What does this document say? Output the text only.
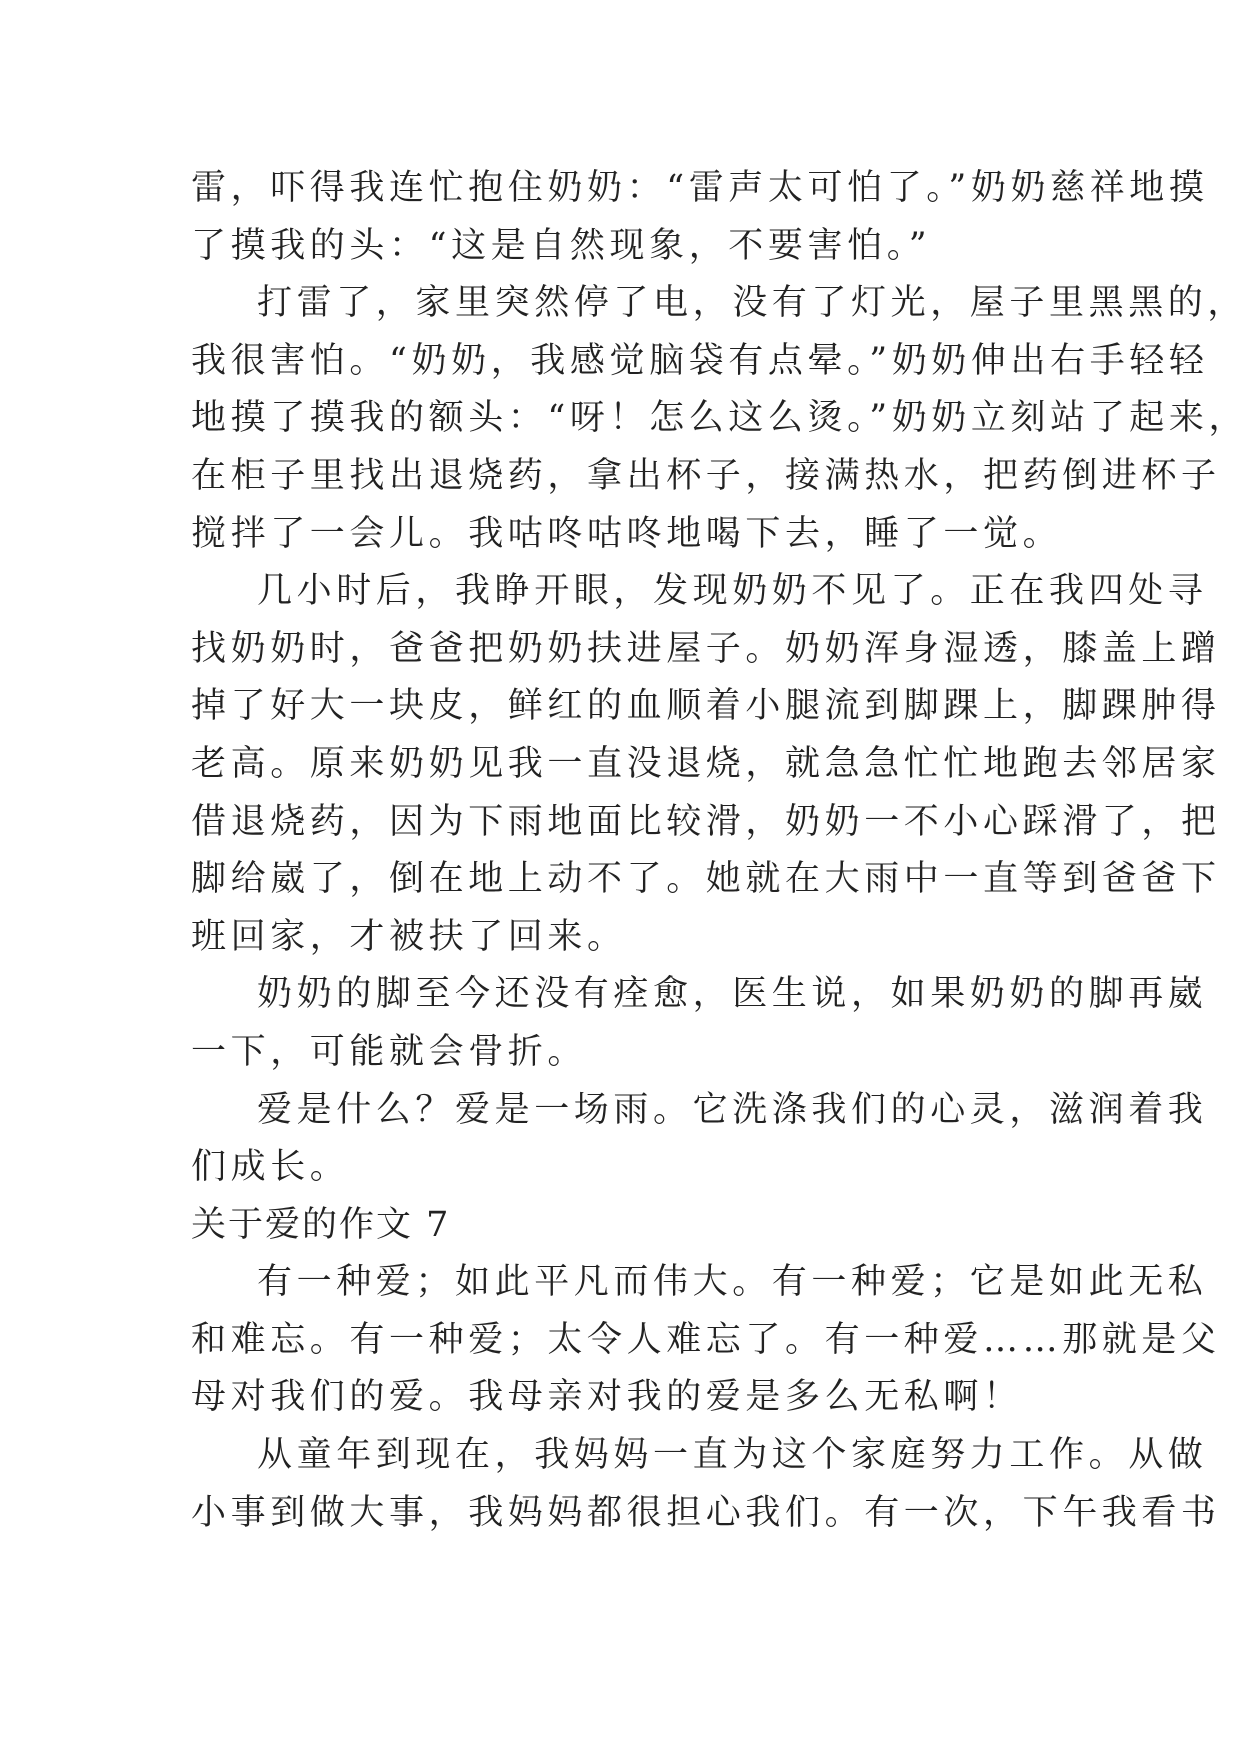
雷，吓得我连忙抱住奶奶：“雷声太可怕了。”奶奶慈祥地摸
了摸我的头：“这是自然现象，不要害怕。”
打雷了，家里突然停了电，没有了灯光，屋子里黑黑的，
我很害怕。“奶奶，我感觉脑袋有点晕。”奶奶伸出右手轻轻
地摸了摸我的额头：“呀！怎么这么烫。”奶奶立刻站了起来，
在柜子里找出退烧药，拿出杯子，接满热水，把药倒进杯子
搅拌了一会儿。我咕咚咕咚地喝下去，睡了一觉。
几小时后，我睁开眼，发现奶奶不见了。正在我四处寻
找奶奶时，爸爸把奶奶扶进屋子。奶奶浑身湿透，膝盖上蹭
掉了好大一块皮，鲜红的血顺着小腿流到脚踝上，脚踝肿得
老高。原来奶奶见我一直没退烧，就急急忙忙地跑去邻居家
借退烧药，因为下雨地面比较滑，奶奶一不小心踩滑了，把
脚给崴了，倒在地上动不了。她就在大雨中一直等到爸爸下
班回家，才被扶了回来。
奶奶的脚至今还没有痊愈，医生说，如果奶奶的脚再崴
一下，可能就会骨折。
爱是什么？爱是一场雨。它洗涤我们的心灵，滋润着我
们成长。
关于爱的作文 7
有一种爱；如此平凡而伟大。有一种爱；它是如此无私
和难忘。有一种爱；太令人难忘了。有一种爱……那就是父
母对我们的爱。我母亲对我的爱是多么无私啊！
从童年到现在，我妈妈一直为这个家庭努力工作。从做
小事到做大事，我妈妈都很担心我们。有一次，下午我看书
